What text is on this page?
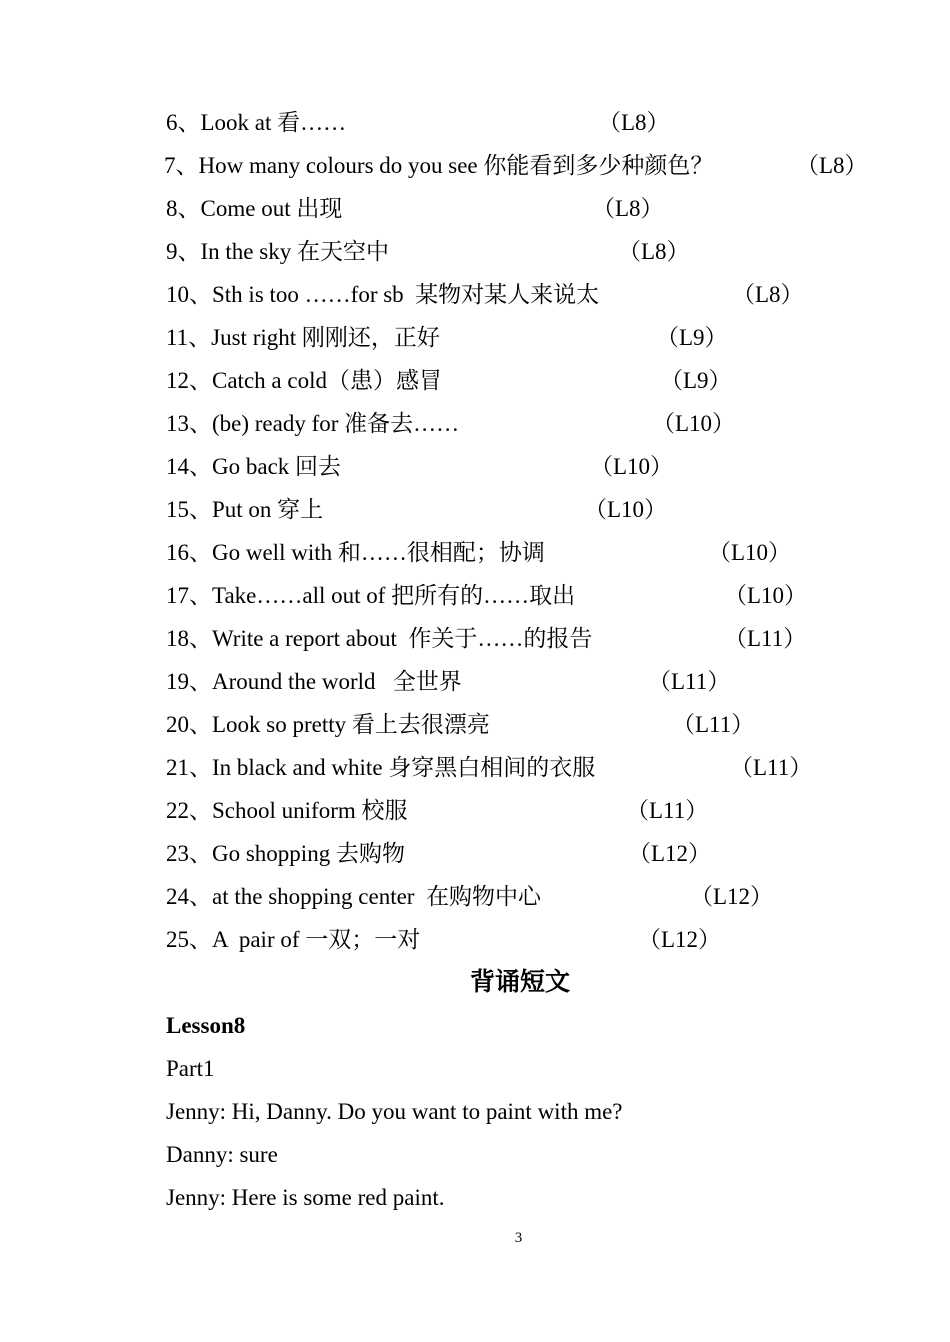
6、Look at 看……

	（L8）

7、How many colours do you see 你能看到多少种颜色？

	（L8）

8、Come out 出现

	（L8）

9、In the sky 在天空中

	（L8）

10、Sth is too ……for sb  某物对某人来说太

	（L8）

11、Just right 刚刚还，正好

	（L9）

12、Catch a cold（患）感冒

	（L9）

13、(be) ready for 准备去……

	（L10）

14、Go back 回去

	（L10）

15、Put on 穿上

	（L10）

16、Go well with 和……很相配；协调

	（L10）

17、Take……all out of 把所有的……取出

	（L10）

18、Write a report about  作关于……的报告

	（L11）

19、Around the world   全世界

	（L11）

20、Look so pretty 看上去很漂亮

	（L11）

21、In black and white 身穿黑白相间的衣服

	（L11）

22、School uniform 校服

	（L11）

23、Go shopping 去购物

	（L12）

24、at the shopping center  在购物中心

	（L12）

25、A  pair of 一双；一对

	（L12）

背诵短文
Lesson8
Part1
Jenny: Hi, Danny. Do you want to paint with me?
Danny: sure
Jenny: Here is some red paint.
3
